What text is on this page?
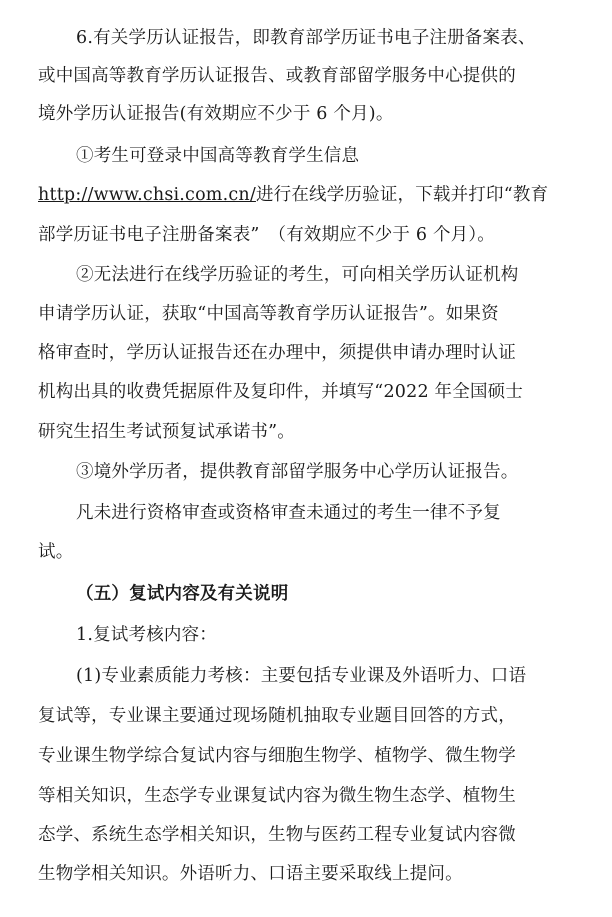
6.有关学历认证报告，即教育部学历证书电子注册备案表、
或中国高等教育学历认证报告、或教育部留学服务中心提供的
境外学历认证报告(有效期应不少于 6 个月)。
①考生可登录中国高等教育学生信息
http://www.chsi.com.cn/进行在线学历验证，下载并打印“教育
部学历证书电子注册备案表”　（有效期应不少于 6 个月）。
②无法进行在线学历验证的考生，可向相关学历认证机构
申请学历认证，获取“中国高等教育学历认证报告”。如果资
格审查时，学历认证报告还在办理中，须提供申请办理时认证
机构出具的收费凭据原件及复印件，并填写“2022 年全国硕士
研究生招生考试预复试承诺书”。
③境外学历者，提供教育部留学服务中心学历认证报告。
凡未进行资格审查或资格审查未通过的考生一律不予复
试。
（五）复试内容及有关说明
1.复试考核内容：
(1)专业素质能力考核：主要包括专业课及外语听力、口语
复试等，专业课主要通过现场随机抽取专业题目回答的方式，
专业课生物学综合复试内容与细胞生物学、植物学、微生物学
等相关知识，生态学专业课复试内容为微生物生态学、植物生
态学、系统生态学相关知识，生物与医药工程专业复试内容微
生物学相关知识。外语听力、口语主要采取线上提问。
